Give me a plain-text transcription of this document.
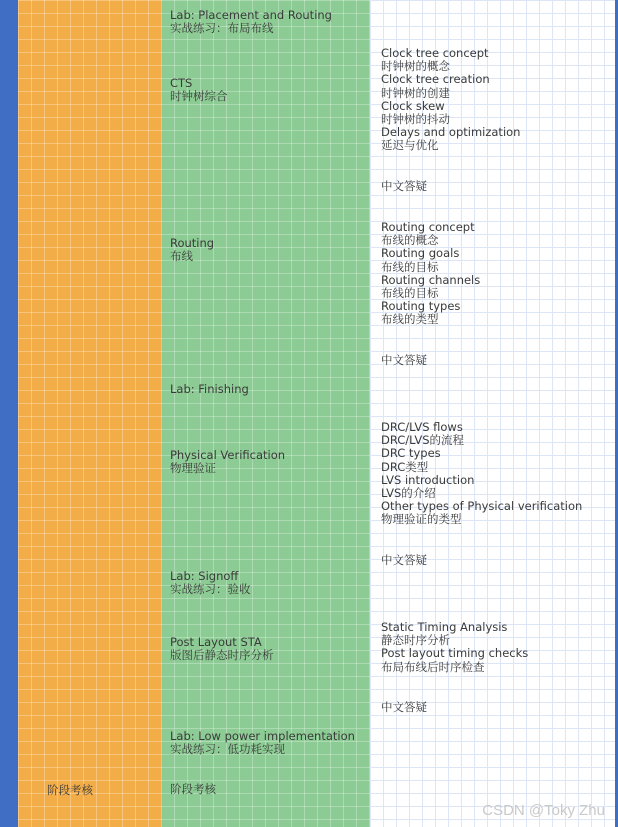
阶段考核
Lab: Placement and Routing
实战练习：布局布线
CTS
时钟树综合
Routing
布线
Lab: Finishing
Physical Verification
物理验证
Lab: Signoff
实战练习：验收
Post Layout STA
版图后静态时序分析
Lab: Low power implementation
实战练习：低功耗实现
阶段考核
Clock tree concept
时钟树的概念
Clock tree creation
时钟树的创建
Clock skew
时钟树的抖动
Delays and optimization
延迟与优化
中文答疑
Routing concept
布线的概念
Routing goals
布线的目标
Routing channels
布线的目标
Routing types
布线的类型
中文答疑
DRC/LVS flows
DRC/LVS的流程
DRC types
DRC类型
LVS introduction
LVS的介绍
Other types of Physical verification
物理验证的类型
中文答疑
Static Timing Analysis
静态时序分析
Post layout timing checks
布局布线后时序检查
中文答疑
CSDN @Toky Zhu
